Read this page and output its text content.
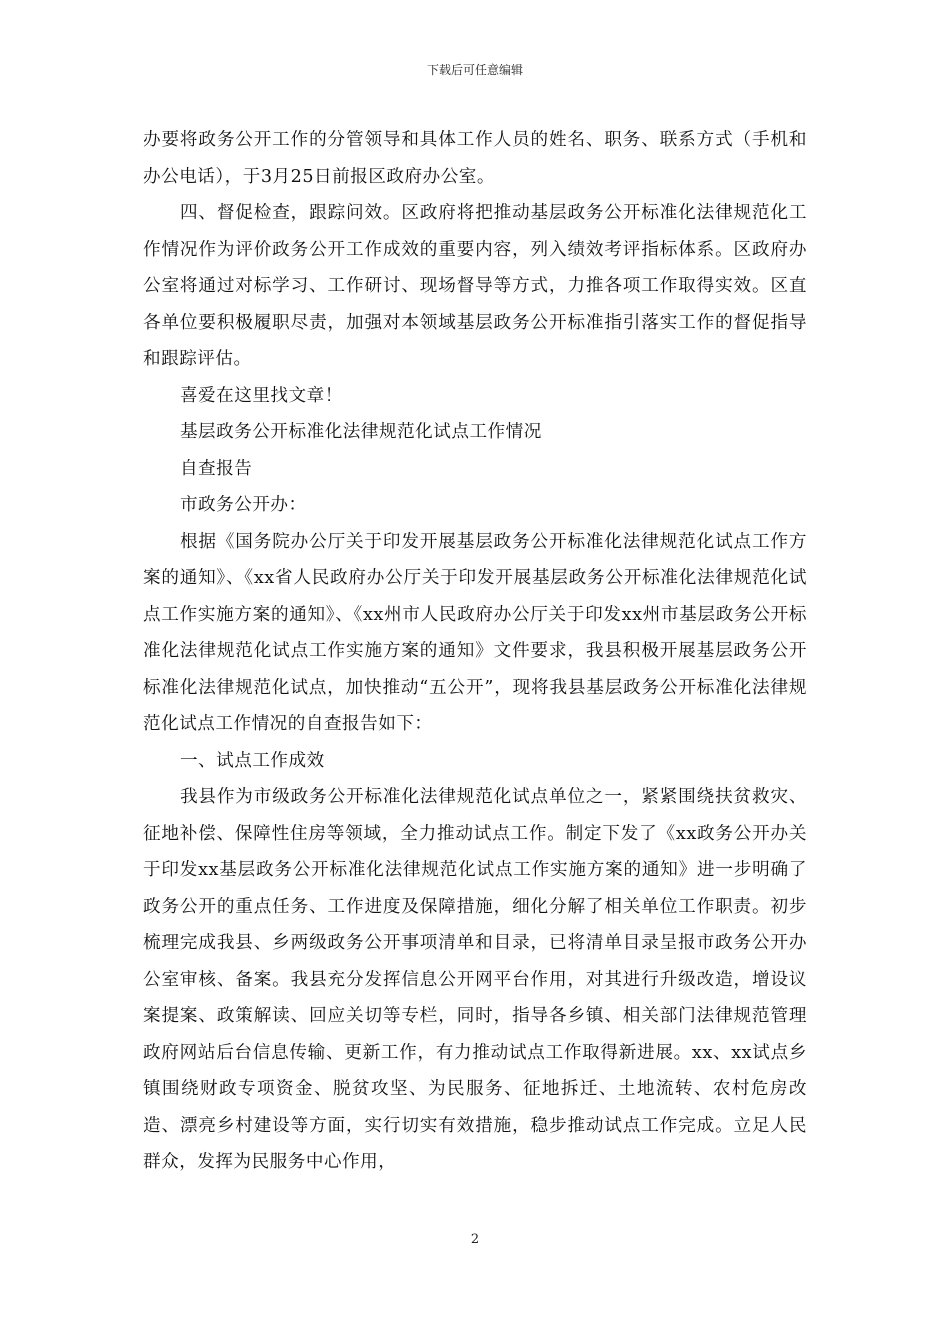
下载后可任意编辑

办要将政务公开工作的分管领导和具体工作人员的姓名、职务、联系方式（手机和办公电话），于3月25日前报区政府办公室。

四、督促检查，跟踪问效。区政府将把推动基层政务公开标准化法律规范化工作情况作为评价政务公开工作成效的重要内容，列入绩效考评指标体系。区政府办公室将通过对标学习、工作研讨、现场督导等方式，力推各项工作取得实效。区直各单位要积极履职尽责，加强对本领域基层政务公开标准指引落实工作的督促指导和跟踪评估。

喜爱在这里找文章！

基层政务公开标准化法律规范化试点工作情况

自查报告

市政务公开办：

根据《国务院办公厅关于印发开展基层政务公开标准化法律规范化试点工作方案的通知》、《xx省人民政府办公厅关于印发开展基层政务公开标准化法律规范化试点工作实施方案的通知》、《xx州市人民政府办公厅关于印发xx州市基层政务公开标准化法律规范化试点工作实施方案的通知》文件要求，我县积极开展基层政务公开标准化法律规范化试点，加快推动“五公开”，现将我县基层政务公开标准化法律规范化试点工作情况的自查报告如下：

一、试点工作成效

我县作为市级政务公开标准化法律规范化试点单位之一，紧紧围绕扶贫救灾、征地补偿、保障性住房等领域，全力推动试点工作。制定下发了《xx政务公开办关于印发xx基层政务公开标准化法律规范化试点工作实施方案的通知》进一步明确了政务公开的重点任务、工作进度及保障措施，细化分解了相关单位工作职责。初步梳理完成我县、乡两级政务公开事项清单和目录，已将清单目录呈报市政务公开办公室审核、备案。我县充分发挥信息公开网平台作用，对其进行升级改造，增设议案提案、政策解读、回应关切等专栏，同时，指导各乡镇、相关部门法律规范管理政府网站后台信息传输、更新工作，有力推动试点工作取得新进展。xx、xx试点乡镇围绕财政专项资金、脱贫攻坚、为民服务、征地拆迁、土地流转、农村危房改造、漂亮乡村建设等方面，实行切实有效措施，稳步推动试点工作完成。立足人民群众，发挥为民服务中心作用，

2
